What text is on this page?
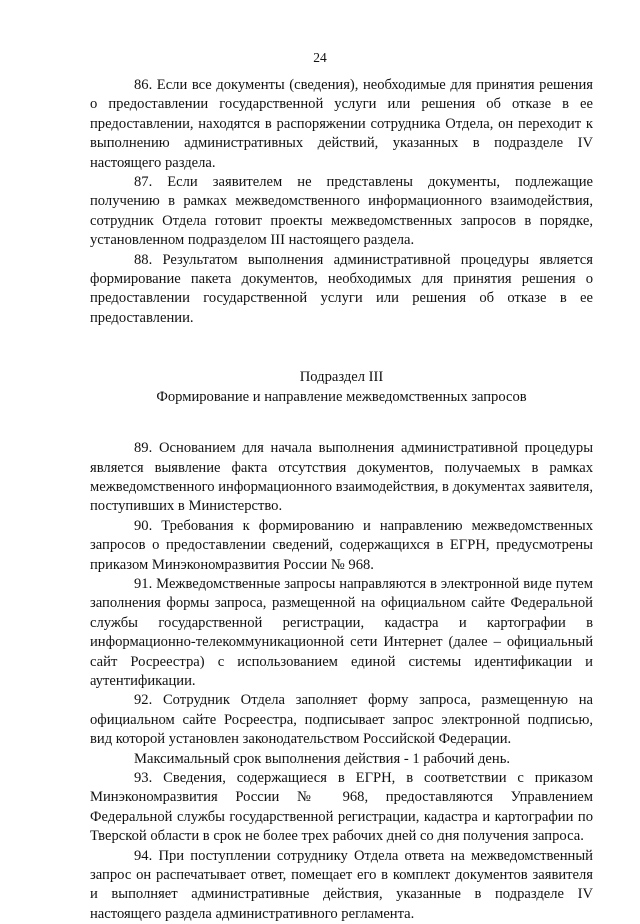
24

86. Если все документы (сведения), необходимые для принятия решения о предоставлении государственной услуги или решения об отказе в ее предоставлении, находятся в распоряжении сотрудника Отдела, он переходит к выполнению административных действий, указанных в подразделе IV настоящего раздела.

87. Если заявителем не представлены документы, подлежащие получению в рамках межведомственного информационного взаимодействия, сотрудник Отдела готовит проекты межведомственных запросов в порядке, установленном подразделом III настоящего раздела.

88. Результатом выполнения административной процедуры является формирование пакета документов, необходимых для принятия решения о предоставлении государственной услуги или решения об отказе в ее предоставлении.

Подраздел III

Формирование и направление межведомственных запросов

89. Основанием для начала выполнения административной процедуры является выявление факта отсутствия документов, получаемых в рамках межведомственного информационного взаимодействия, в документах заявителя, поступивших в Министерство.

90. Требования к формированию и направлению межведомственных запросов о предоставлении сведений, содержащихся в ЕГРН, предусмотрены приказом Минэкономразвития России № 968.

91. Межведомственные запросы направляются в электронной виде путем заполнения формы запроса, размещенной на официальном сайте Федеральной службы государственной регистрации, кадастра и картографии в информационно-телекоммуникационной сети Интернет (далее – официальный сайт Росреестра) с использованием единой системы идентификации и аутентификации.

92. Сотрудник Отдела заполняет форму запроса, размещенную на официальном сайте Росреестра, подписывает запрос электронной подписью, вид которой установлен законодательством Российской Федерации.

Максимальный срок выполнения действия - 1 рабочий день.

93. Сведения, содержащиеся в ЕГРН, в соответствии с приказом Минэкономразвития России № 968, предоставляются Управлением Федеральной службы государственной регистрации, кадастра и картографии по Тверской области в срок не более трех рабочих дней со дня получения запроса.

94. При поступлении сотруднику Отдела ответа на межведомственный запрос он распечатывает ответ, помещает его в комплект документов заявителя и выполняет административные действия, указанные в подразделе IV настоящего раздела административного регламента.
